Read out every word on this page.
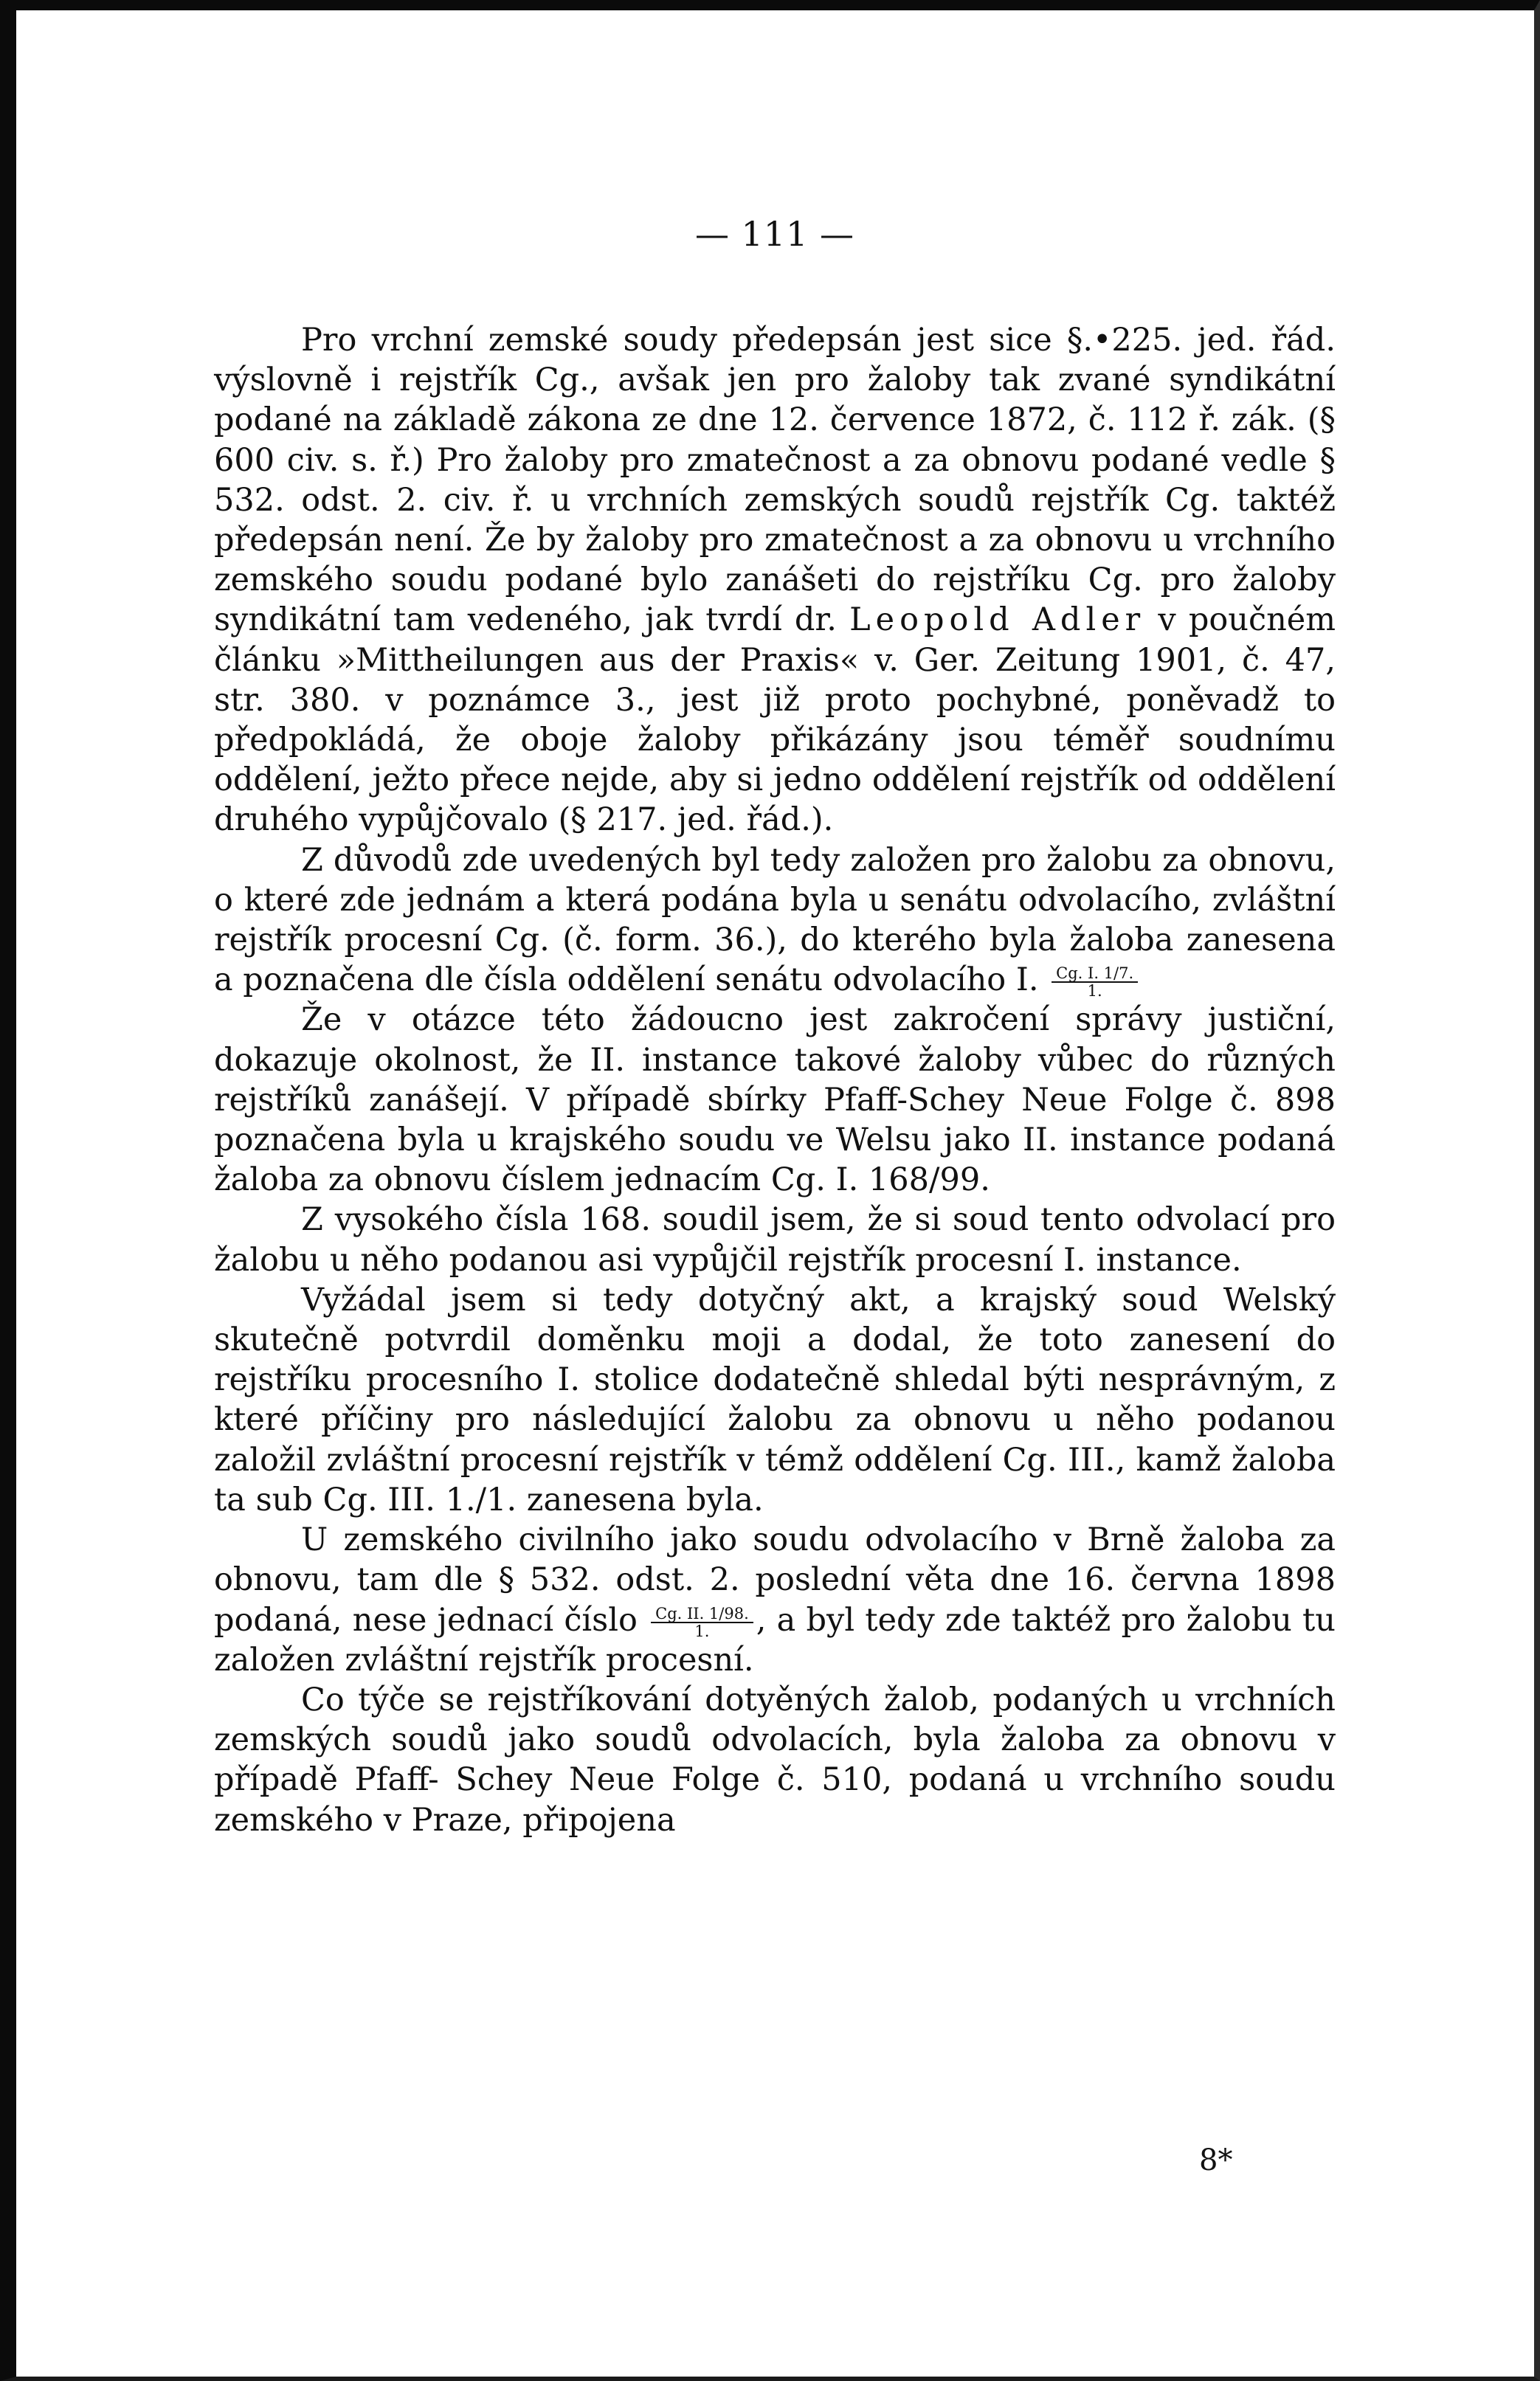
— 111 —

Pro vrchní zemské soudy předepsán jest sice §.•225. jed. řád. výslovně i rejstřík Cg., avšak jen pro žaloby tak zvané syndikátní podané na základě zákona ze dne 12. července 1872, č. 112 ř. zák. (§ 600 civ. s. ř.) Pro žaloby pro zmatečnost a za obnovu podané vedle § 532. odst. 2. civ. ř. u vrchních zemských soudů rejstřík Cg. taktéž předepsán není. Že by žaloby pro zmatečnost a za obnovu u vrchního zemského soudu podané bylo zanášeti do rejstříku Cg. pro žaloby syndikátní tam vedeného, jak tvrdí dr. Leopold Adler v poučném článku »Mittheilungen aus der Praxis« v. Ger. Zeitung 1901, č. 47, str. 380. v poznámce 3., jest již proto pochybné, poněvadž to předpokládá, že oboje žaloby přikázány jsou téměř soudnímu oddělení, ježto přece nejde, aby si jedno oddělení rejstřík od oddělení druhého vypůjčovalo (§ 217. jed. řád.).

Z důvodů zde uvedených byl tedy založen pro žalobu za obnovu, o které zde jednám a která podána byla u senátu odvolacího, zvláštní rejstřík procesní Cg. (č. form. 36.), do kterého byla žaloba zanesena a poznačena dle čísla oddělení senátu odvolacího I. $\frac{Cg. I. 1/7.}{1.}$

Že v otázce této žádoucno jest zakročení správy justiční, dokazuje okolnost, že II. instance takové žaloby vůbec do různých rejstříků zanášejí. V případě sbírky Pfaff-Schey Neue Folge č. 898 poznačena byla u krajského soudu ve Welsu jako II. instance podaná žaloba za obnovu číslem jednacím Cg. I. 168/99.

Z vysokého čísla 168. soudil jsem, že si soud tento odvolací pro žalobu u něho podanou asi vypůjčil rejstřík procesní I. instance.

Vyžádal jsem si tedy dotyčný akt, a krajský soud Welský skutečně potvrdil doměnku moji a dodal, že toto zanesení do rejstříku procesního I. stolice dodatečně shledal býti nesprávným, z které příčiny pro následující žalobu za obnovu u něho podanou založil zvláštní procesní rejstřík v témž oddělení Cg. III., kamž žaloba ta sub Cg. III. 1./1. zanesena byla.

U zemského civilního jako soudu odvolacího v Brně žaloba za obnovu, tam dle § 532. odst. 2. poslední věta dne 16. června 1898 podaná, nese jednací číslo $\frac{Cg. II. 1/98.}{1.}$ , a byl tedy zde taktéž pro žalobu tu založen zvláštní rejstřík procesní.

Co týče se rejstříkování dotyěných žalob, podaných u vrchních zemských soudů jako soudů odvolacích, byla žaloba za obnovu v případě Pfaff- Schey Neue Folge č. 510, podaná u vrchního soudu zemského v Praze, připojena

8*
